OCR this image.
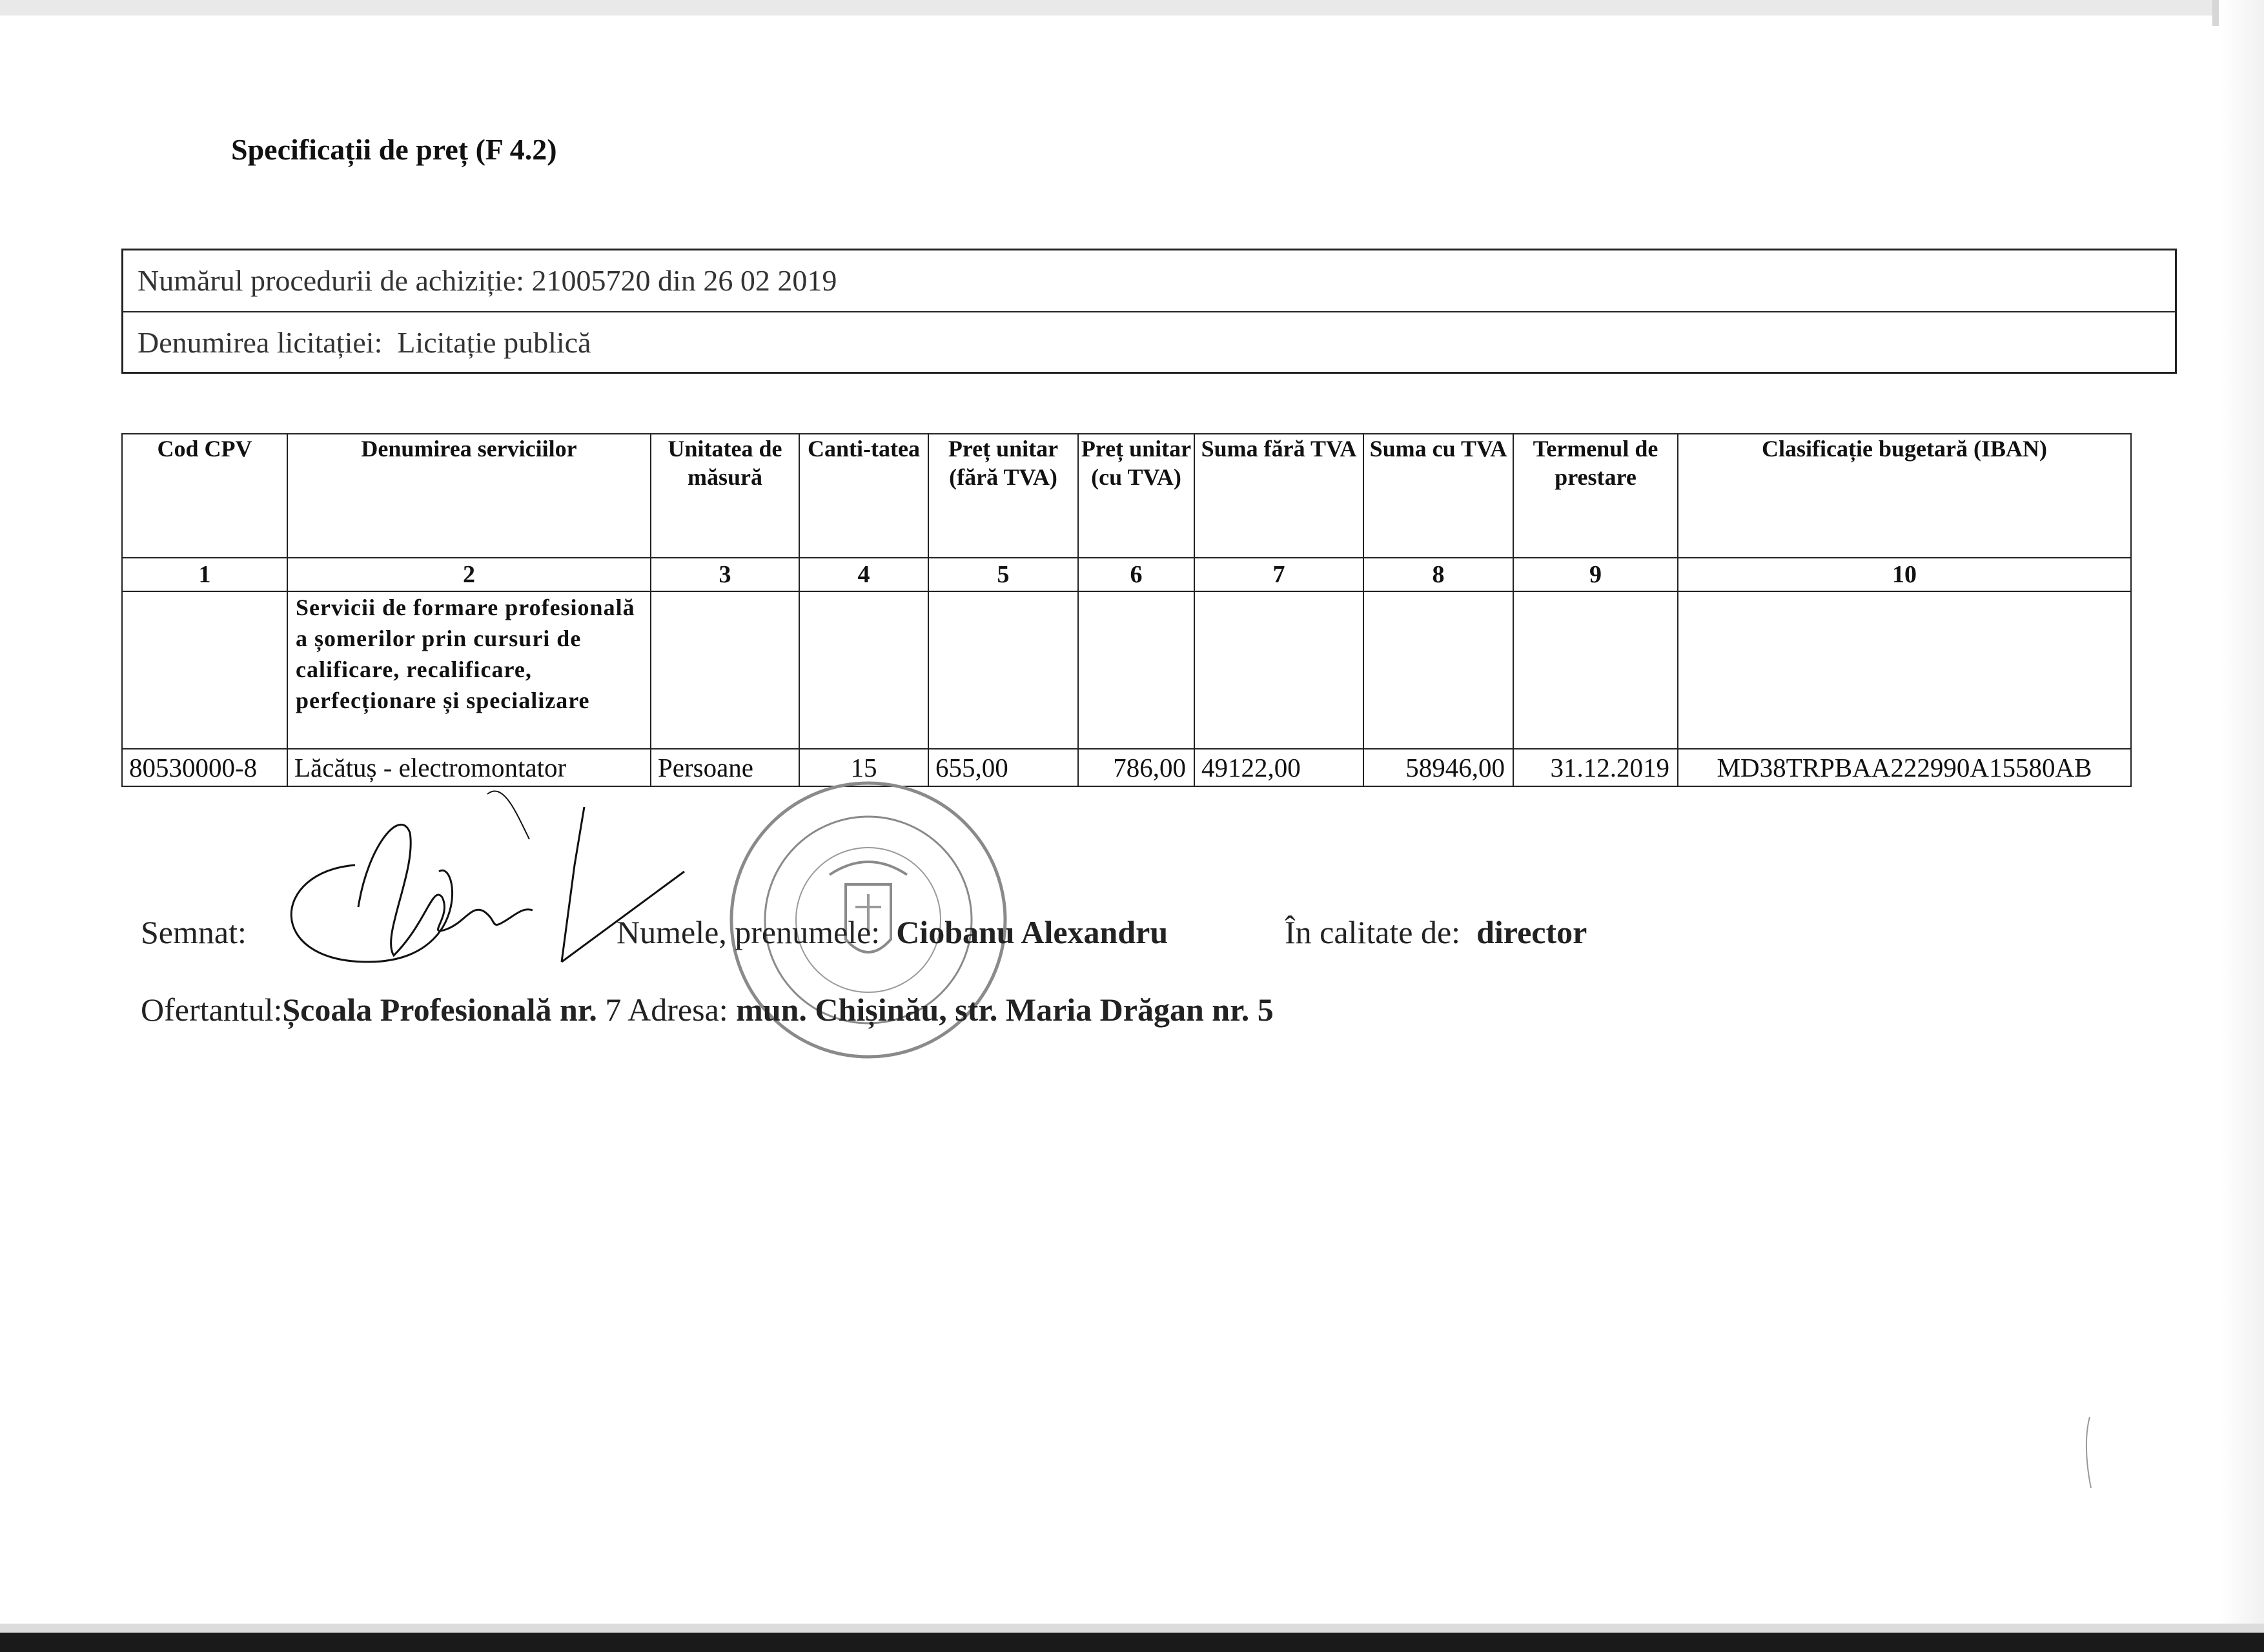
Specificații de preț (F 4.2)
Numărul procedurii de achiziție: 21005720 din 26 02 2019
Denumirea licitației: Licitație publică
Cod CPV	Denumirea serviciilor	Unitatea de măsură	Canti-tatea	Preț unitar (fără TVA)	Preț unitar (cu TVA)	Suma fără TVA	Suma cu TVA	Termenul de prestare	Clasificație bugetară (IBAN)
1	2	3	4	5	6	7	8	9	10
	Servicii de formare profesională a șomerilor prin cursuri de calificare, recalificare, perfecționare și specializare								
80530000-8	Lăcătuș - electromontator	Persoane	15	655,00	786,00	49122,00	58946,00	31.12.2019	MD38TRPBAA222990A15580AB
Semnat:	Numele, prenumele: Ciobanu Alexandru	În calitate de: director
Ofertantul:Școala Profesională nr. 7 Adresa: mun. Chișinău, str. Maria Drăgan nr. 5
